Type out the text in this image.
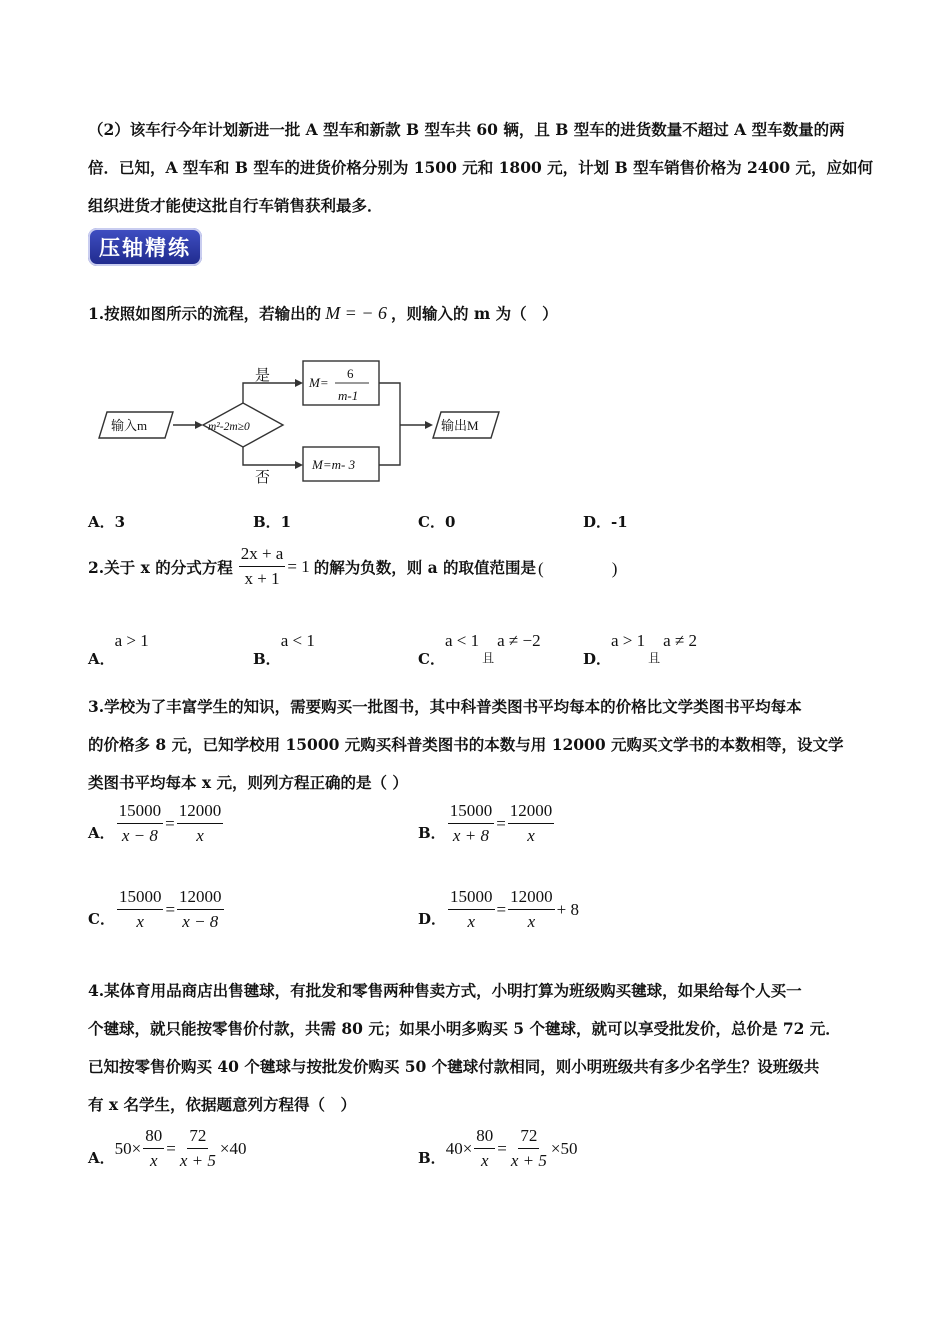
（2）该车行今年计划新进一批 A 型车和新款 B 型车共 60 辆，且 B 型车的进货数量不超过 A 型车数量的两
倍．已知，A 型车和 B 型车的进货价格分别为 1500 元和 1800 元，计划 B 型车销售价格为 2400 元，应如何
组织进货才能使这批自行车销售获利最多．
压轴精练
1.按照如图所示的流程，若输出的 M = − 6 ，则输入的 m 为（　）
输入m	m²-2m≥0
是
否
M=
6
m-1
M=m- 3
输出M
A．3	B．1	C．0	D．-1
2.关于 x 的分式方程 $\frac{2x + a}{x + 1} = 1$ 的解为负数，则 a 的取值范围是 (　　　　)
A．a > 1
B．a < 1
C．$a < 1_且a \ne -2$
D．$a > 1_且a \ne 2$
3.学校为了丰富学生的知识，需要购买一批图书，其中科普类图书平均每本的价格比文学类图书平均每本
的价格多 8 元，已知学校用 15000 元购买科普类图书的本数与用 12000 元购买文学书的本数相等，设文学
类图书平均每本 x 元，则列方程正确的是（ ）
A． $\frac{15000}{x - 8} = \frac{12000}{x}$	B． $\frac{15000}{x + 8} = \frac{12000}{x}$
C． $\frac{15000}{x} = \frac{12000}{x - 8}$	D． $\frac{15000}{x} = \frac{12000}{x} + 8$
4.某体育用品商店出售毽球，有批发和零售两种售卖方式，小明打算为班级购买毽球，如果给每个人买一
个毽球，就只能按零售价付款，共需 80 元；如果小明多购买 5 个毽球，就可以享受批发价，总价是 72 元．
已知按零售价购买 40 个毽球与按批发价购买 50 个毽球付款相同，则小明班级共有多少名学生？设班级共
有 x 名学生，依据题意列方程得（　）
A．
$50\times \frac{80}{x} = \frac{72}{x + 5} \times 40$
B．
$40\times \frac{80}{x} = \frac{72}{x + 5} \times 50$
